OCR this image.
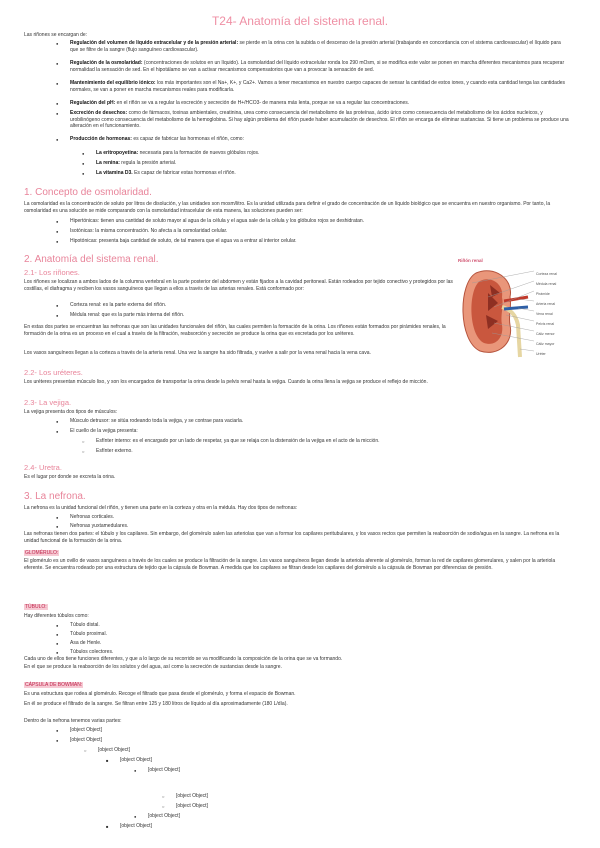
T24- Anatomía del sistema renal.
Las riñones se encargan de:
● Regulación del volumen de líquido extracelular y de la presión arterial: se pierde en la orina con la subida o el descenso de la presión arterial (trabajando en concordancia con el sistema cardiovascular) el líquido para que se filtre de la sangre (flujo sanguíneo cardiovascular).
● Regulación de la osmolaridad: (concentraciones de solutos en un líquido). La osmolaridad del líquido extracelular ronda los 290 mOsm, si se modifica este valor se ponen en marcha diferentes mecanismos para recuperar normalidad la sensación de sed. En el hipotálamo se van a activar mecanismos compensatorios que van a provocar la sensación de sed.
● Mantenimiento del equilibrio iónico: los más importantes son el Na+, K+, y Ca2+. Vamos a tener mecanismos en nuestro cuerpo capaces de sensar la cantidad de estos iones, y cuando esta cantidad tenga las cantidades normales, se van a poner en marcha mecanismos reales para modificarla.
● Regulación del pH: en el riñón se va a regular la excreción y secreción de H+/HCO3- de manera más lenta, porque se va a regular las concentraciones.
● Excreción de desechos: como de fármacos, toxinas ambientales, creatinina, urea como consecuencia del metabolismo de las proteínas, ácido úrico como consecuencia del metabolismo de los ácidos nucleicos, y urobilinógeno como consecuencia del metabolismo de la hemoglobina. Si hay algún problema del riñón puede haber acumulación de desechos. El riñón se encarga de eliminar sustancias. Si tiene un problema se produce una alteración en el funcionamiento.
● Producción de hormonas: es capaz de fabricar las hormonas el riñón, como:
● La eritropoyetina: necesaria para la formación de nuevos glóbulos rojos.
● La renina: regula la presión arterial.
● La vitamina D3. Es capaz de fabricar estas hormonas el riñón.
1. Concepto de osmolaridad.
La osmolaridad es la concentración de soluto por litros de disolución, y las unidades son mosm/litro. Es la unidad utilizada para definir el grado de concentración de un líquido biológico que se encuentra en nuestro organismo. Por tanto, la osmolaridad es una solución se mide comparando con la osmolaridad intracelular de esta manera, las soluciones pueden ser:
● Hipertónicas: tienen una cantidad de soluto mayor al agua de la célula y el agua sale de la célula y los glóbulos rojos se deshidratan.
● Isotónicas: la misma concentración. No afecta a la osmolaridad celular.
● Hipotónicas: presenta baja cantidad de soluto, de tal manera que el agua va a entrar al interior celular.
2. Anatomía del sistema renal.
2.1- Los riñones.
Los riñones se localizan a ambos lados de la columna vertebral en la parte posterior del abdomen y están fijados a la cavidad peritoneal. Están rodeados por tejido conectivo y protegidos por las costillas, el diafragma y reciben los vasos sanguíneos que llegan a ellos a través de las arterias renales. Está conformado por:
● Corteza renal: es la parte externa del riñón.
● Médula renal: que es la parte más interna del riñón.
En estas dos partes se encuentran las nefronas que son las unidades funcionales del riñón, las cuales permiten la formación de la orina. Los riñones están formados por pirámides renales, la formación de la orina es un proceso en el cual a través de la filtración, reabsorción y secreción se produce la orina que es excretada por los uréteres.
Los vasos sanguíneos llegan a la corteza a través de la arteria renal. Una vez la sangre ha sido filtrada, y vuelve a salir por la vena renal hacia la vena cava.
2.2- Los uréteres.
Los uréteres presentan músculo liso, y son los encargados de transportar la orina desde la pelvis renal hasta la vejiga. Cuando la orina llena la vejiga se produce el reflejo de micción.
2.3- La vejiga.
La vejiga presenta dos tipos de músculos:
● Músculo detrusor: se sitúa rodeando toda la vejiga, y se contrae para vaciarla.
● El cuello de la vejiga presenta:
○ Esfínter interno: es el encargado por un lado de respetar, ya que se relaja con la distensión de la vejiga en el acto de la micción.
○ Esfínter externo.
2.4- Uretra.
Es el lugar por donde se excreta la orina.
Riñón renal
Corteza renal
Médula renal
Pirámide
Arteria renal
Vena renal
Pelvis renal
Cáliz menor
Cáliz mayor
Uréter
3. La nefrona.
La nefrona es la unidad funcional del riñón, y tienen una parte en la corteza y otra en la médula. Hay dos tipos de nefronas:
● Nefronas corticales.
● Nefronas yuxtamedulares.
Las nefronas tienen dos partes: el túbulo y los capilares. Sin embargo, del glomérulo salen las arteriolas que van a formar los capilares peritubulares, y los vasos rectos que permiten la reabsorción de sodio/agua en la sangre. La nefrona es la unidad funcional de la formación de la orina.
GLOMÉRULO:
El glomérulo es un ovillo de vasos sanguíneos a través de los cuales se produce la filtración de la sangre. Los vasos sanguíneos llegan desde la arteriola aferente al glomérulo, forman la red de capilares glomerulares, y salen por la arteriola eferente. Se encuentra rodeado por una estructura de tejido que la cápsula de Bowman. A medida que los capilares se filtran desde los capilares del glomérulo a la cápsula de Bowman por diferencias de presión.
TÚBULO:
Hay diferentes túbulos como:
● Túbulo distal.
● Túbulo proximal.
● Asa de Henle.
● Túbulos colectores.
Cada uno de ellos tiene funciones diferentes, y que a lo largo de su recorrido se va modificando la composición de la orina que se va formando.
En el que se produce la reabsorción de los solutos y del agua, así como la secreción de sustancias desde la sangre.
CÁPSULA DE BOWMAN:
Es una estructura que rodea al glomérulo. Recoge el filtrado que pasa desde el glomérulo, y forma el espacio de Bowman.
En él se produce el filtrado de la sangre. Se filtran entre 125 y 180 litros de líquido al día aproximadamente (180 L/día).
Dentro de la nefrona tenemos varias partes:
● [object Object]
● [object Object]
○ [object Object]
■ [object Object]
● [object Object]
○ [object Object]
○ [object Object]
● [object Object]
■ [object Object]
